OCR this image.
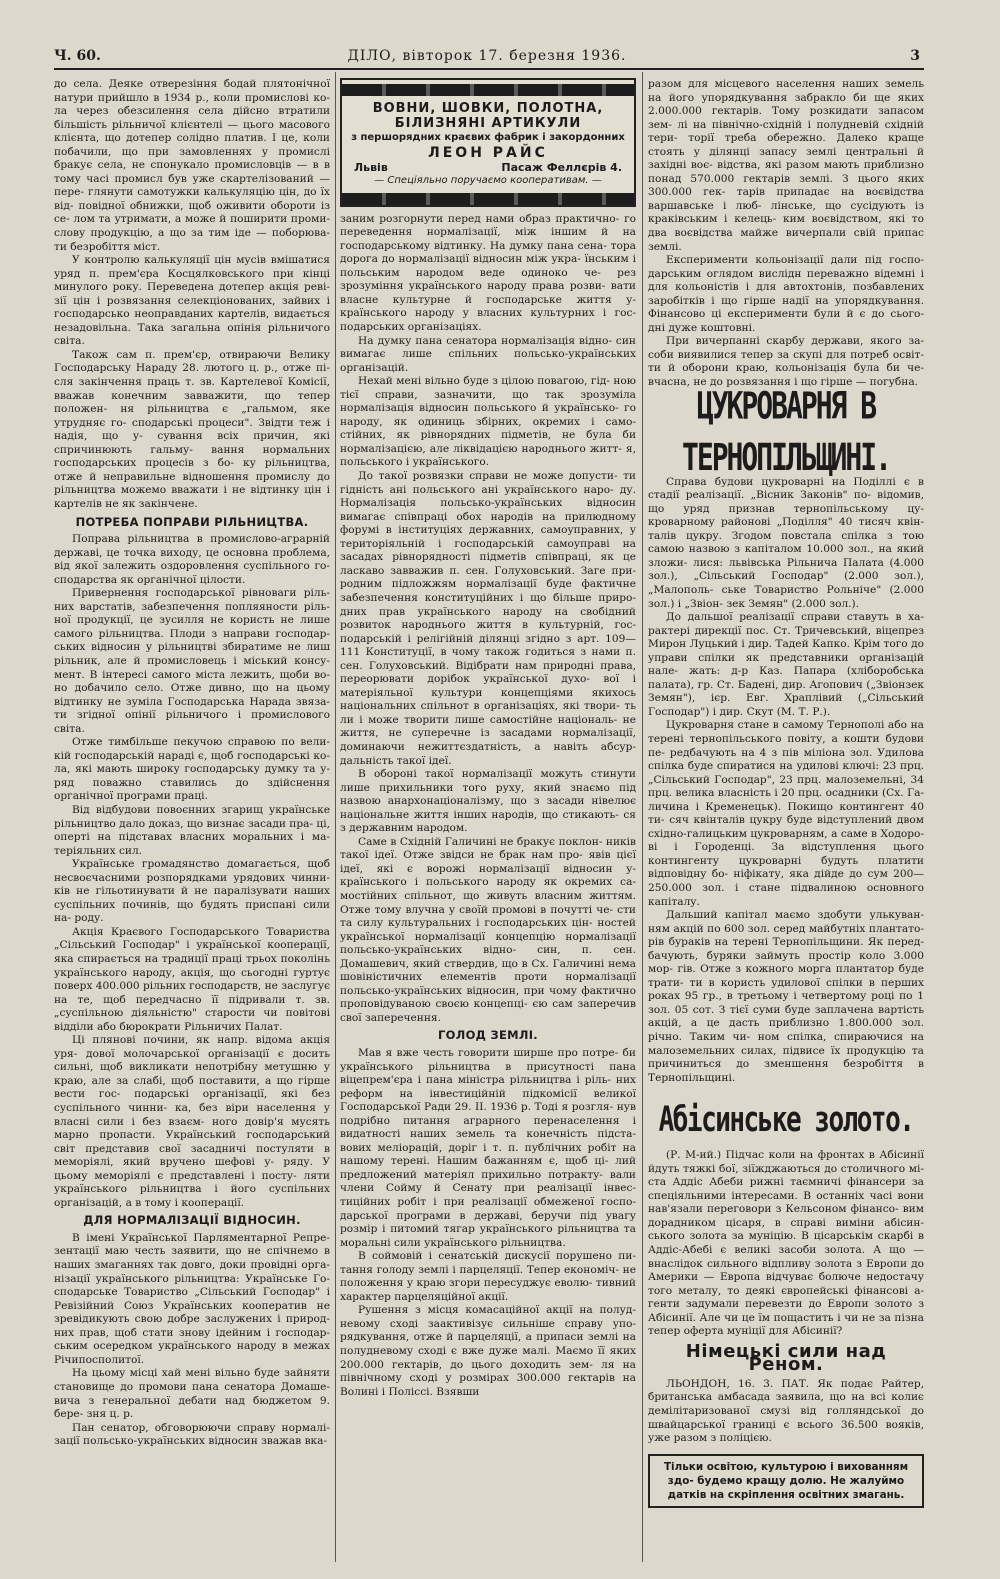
Ч. 60.	ДІЛО, вівторок 17. березня 1936.	3

до села. Деяке отверезіння бодай плятонічної натури прийшло в 1934 р., коли промислові ко- ла через обезсилення села дійсно втратили більшість рільничої клієнтелі — цього масового клієнта, що дотепер солідно платив. І це, коли побачили, що при замовленнях у промислі бракує села, не спонукало промисловців — в в тому часі промисл був уже скартелізований — пере- глянути самотужки калькуляцію цін, до їх від- повідної обнижки, щоб оживити обороти із се- лом та утримати, а може й поширити проми- слову продукцію, а що за тим іде — поборюва- ти безробіття міст.

У контролю калькуляції цін мусів вмішатися уряд п. прем'єра Косцялковського при кінці минулого року. Переведена дотепер акція реві- зії цін і розвязання селекціонованих, зайвих і господарсько неоправданих картелів, видається незадовільна. Така загальна опінія рільничого світа.

Також сам п. прем'єр, отвираючи Велику Господарську Нараду 28. лютого ц. р., отже пі- сля закінчення праць т. зв. Картелевої Комісії, вважав конечним завважити, що тепер положен- ня рільництва є „гальмом, яке утрудняє го- сподарські процеси". Звідти теж і надія, що у- сування всіх причин, які спричинюють гальму- вання нормальних господарських процесів з бо- ку рільництва, отже й неправильне відношення промислу до рільництва можемо вважати і не відтинку цін і картелів не як закінчене.

ПОТРЕБА ПОПРАВИ РІЛЬНИЦТВА.

Поправа рільництва в промислово-аграрній державі, це точка виходу, це основна проблема, від якої залежить оздоровлення суспільного го- сподарства як органічної цілости.

Привернення господарської рівноваги ріль- них варстатів, забезпечення попляяности ріль- ної продукції, це зусилля не користь не лише самого рільництва. Плоди з направи господар- ських відносин у рільництві збиратиме не лиш рільник, але й промисловець і міський консу- мент. В інтересі самого міста лежить, щоби во- но добачило село. Отже дивно, що на цьому відтинку не зуміла Господарська Нарада звяза- ти згідної опінії рільничого і промислового світа.

Отже тимбільше пекучою справою по вели- кій господарській нараді є, щоб господарські ко- ла, які мають широку господарську думку та у- ряд поважно ставились до здійснення органічної програми праці.

Від відбудови повоєнних згарищ українське рільництво дало доказ, що визнає засади пра- ці, оперті на підставах власних моральних і ма- теріяльних сил.

Українське громадянство домагається, щоб несвоєчасними розпорядками урядових чинни- ків не гільотинувати й не паралізувати наших суспільних починів, що будять приспані сили на- роду.

Акція Краєвого Господарського Товариства „Сільський Господар" і української кооперації, яка спирається на традиції праці трьох поколінь українського народу, акція, що сьогодні гуртує поверх 400.000 рільних господарств, не заслугує на те, щоб передчасно її підривали т. зв. „суспільною діяльністю" старости чи повітові відділи або бюрократи Рільничих Палат.

Ці плянові почини, як напр. відома акція уря- дової молочарської організації є досить сильні, щоб викликати непотрібну метушню у краю, але за слабі, щоб поставити, а що гірше вести гос- подарські організації, які без суспільного чинни- ка, без віри населення у власні сили і без взаєм- ного довір'я мусять марно пропасти. Український господарський світ представив свої засадничі постуляти в меморіялі, який вручено шефові у- ряду. У цьому меморіялі є представлені і посту- ляти українського рільництва і його суспільних організацій, а в тому і кооперації.

ДЛЯ НОРМАЛІЗАЦІЇ ВІДНОСИН.

В імені Української Парляментарної Репре- зентації маю честь заявити, що не спічнемо в наших змаганнях так довго, доки провідні орга- нізації українського рільництва: Українське Го- сподарське Товариство „Сільський Господар" і Ревізійний Союз Українських кооператив не зревідикують свою добре заслужених і природ- них прав, щоб стати знову ідейним і господар- ським осередком українського народу в межах Річипосполитої.

На цьому місці хай мені вільно буде зайняти становище до промови пана сенатора Домаше- вича з генеральної дебати над бюджетом 9. бере- зня ц. р.

Пан сенатор, обговорюючи справу нормалі- зації польсько-українських відносин зважав вка-

ВОВНИ, ШОВКИ, ПОЛОТНА,
БІЛИЗНЯНІ АРТИКУЛИ
з першорядних краєвих фабрик і закордонних
ЛЕОН РАЙС
Львів	Пасаж Феллєрів 4.
— Спеціяльно поручаємо кооперативам. —

заним розгорнути перед нами образ практично- го переведення нормалізації, між іншим й на господарському відтинку. На думку пана сена- тора дорога до нормалізації відносин між укра- їнським і польським народом веде одиноко че- рез зрозуміння українського народу права розви- вати власне культурне й господарське життя у- країнського народу у власних культурних і гос- подарських організаціях.

На думку пана сенатора нормалізація відно- син вимагає лише спільних польсько-українських організацій.

Нехай мені вільно буде з цілою повагою, гід- ною тієї справи, зазначити, що так зрозуміла нормалізація відносин польського й українсько- го народу, як одиниць збірних, окремих і само- стійних, як рівнорядних підметів, не була би нормалізацією, але ліквідацією народнього житт- я, польського і українського.

До такої розвязки справи не може допусти- ти гідність ані польського ані українського наро- ду. Нормалізація польсько-українських відносин вимагає співпраці обох народів на прилюдному форумі в інституціях державних, самоуправних, у територіяльній і господарській самоуправі на засадах рівнорядності підметів співпраці, як це ласкаво завважив п. сен. Голуховський. Заге при- родним підложжям нормалізації буде фактичне забезпечення конституційних і що більше приро- дних прав українського народу на свобідний розвиток народнього життя в культурній, гос- подарській і релігійній ділянці згідно з арт. 109— 111 Конституції, в чому також годиться з нами п. сен. Голуховський. Відібрати нам природні права, переорювати дорібок української духо- вої і матеріяльної культури концепціями якихось національних спільнот в організаціях, які твори- ть ли і може творити лише самостійне національ- не життя, не суперечне із засадами нормалізації, доминаючи нежиттєздатність, а навіть абсур- дальність такої ідеї.

В обороні такої нормалізації можуть стинути лише прихильники того руху, який знаємо під назвою анархонаціоналізму, що з засади нівелює національне життя інших народів, що стикають- ся з державним народом.

Саме в Східній Галичині не бракує поклон- ників такої ідеї. Отже звідси не брак нам про- явів цієї ідеї, які є ворожі нормалізації відносин у- країнського і польського народу як окремих са- мостійних спільнот, що живуть власним життям. Отже тому влучна у своїй промові в почутті че- сти та силу культуральних і господарських цін- ностей української нормалізації концепцію нормалізації польсько-українських відно- син, п. сен. Домашевич, який ствердив, що в Сх. Галичині нема шовіністичних елементів проти нормалізації польсько-українських відносин, при чому фактично проповідуваною своєю концепці- єю сам заперечив свої заперечення.

ГОЛОД ЗЕМЛІ.

Мав я вже честь говорити ширше про потре- би українського рільництва в присутності пана віцепрем'єра і пана міністра рільництва і ріль- них реформ на інвестиційній підкомісії великої Господарської Ради 29. II. 1936 р. Тоді я розгля- нув подрібно питання аграрного перенаселення і видатності наших земель та конечність підста- вових меліорацій, доріг і т. п. публічних робіт на нашому терені. Нашим бажанням є, щоб ці- лий предложений матеріял прихильно потракту- вали члени Сойму й Сенату при реалізації інвес- тиційних робіт і при реалізації обмеженої госпо- дарської програми в державі, беручи під увагу розмір і питомий тягар українського рільництва та моральні сили українського рільництва.

В соймовій і сенатській дискусії порушено пи- тання голоду землі і парцеляції. Тепер економіч- не положення у краю згори пересуджує еволю- тивний характер парцеляційної акції.

Рушення з місця комасаційної акції на полуд- невому сході заактивізує сильніше справу упо- рядкування, отже й парцеляції, а припаси землі на полудневому сході є вже дуже малі. Маємо її яких 200.000 гектарів, до цього доходить зем- ля на північному сході у розмірах 300.000 гектарів на Волині і Поліссі. Взявши

разом для місцевого населення наших земель на його упорядкування забракло би ще яких 2.000.000 гектарів. Тому розкидати запасом зем- лі на північно-східній і полудневій східній тери- торії треба обережно. Далеко краще стоять у ділянці запасу землі центральні й західні воє- відства, які разом мають приблизно понад 570.000 гектарів землі. З цього яких 300.000 гек- тарів припадає на воєвідства варшавське і люб- лінське, що сусідують із краківським і келець- ким воєвідством, які то два воєвідства майже вичерпали свій припас землі.

Експерименти кольонізації дали під госпо- дарським оглядом вислідн переважно відемні і для кольоністів і для автохтонів, позбавлених заробітків і що гірше надії на упорядкування. Фінансово ці експерименти були й є до сього- дні дуже коштовні.

При вичерпанні скарбу держави, якого за- соби виявилися тепер за скупі для потреб освіт- ти й оборони краю, кольонізація була би че- вчасна, не до розвязання і що гірше — погубна.

ЦУКРОВАРНЯ В ТЕРНОПІЛЬЩИНІ.

Справа будови цукроварні на Поділлі є в стадії реалізації. „Вісник Законів" по- відомив, що уряд признав тернопільському цу- кроварному районові „Поділля" 40 тисяч квін- талів цукру. Згодом повстала спілка з тою самою назвою з капіталом 10.000 зол., на який зложи- лися: львівська Рільнича Палата (4.000 зол.), „Сільський Господар" (2.000 зол.), „Малополь- ське Товариство Рольніче" (2.000 зол.) і „Звіон- зек Земян" (2.000 зол.).

До дальшої реалізації справи ставуть в ха- рактері дирекції пос. Ст. Тричевський, віцепрез Мирон Луцький і дир. Тадей Капко. Крім того до управи спілки як представники організацій нале- жать: д-р Каз. Папара (хліборобська палата), гр. Ст. Бадені, дир. Агопович („Звіонзек Земян"), ієр. Евг. Храплівий („Сільський Господар") і дир. Скут (М. Т. Р.).

Цукроварня стане в самому Тернополі або на терені тернопільського повіту, а кошти будови пе- редбачують на 4 з пів міліона зол. Удилова спілка буде спиратися на удилові ключі: 23 прц. „Сільський Господар", 23 прц. малоземельні, 34 прц. велика власність і 20 прц. осадники (Сх. Га- личина і Кременецьк). Покищо контингент 40 ти- сяч квінталів цукру буде відступлений двом східно-галицьким цукроварням, а саме в Ходоро- ві і Городенці. За відступлення цього контингенту цукроварні будуть платити відповідну бо- ніфікату, яка дійде до сум 200—250.000 зол. і стане підвалиною основного капіталу.

Дальший капітал маємо здобути улькуван- ням акцій по 600 зол. серед майбутніх плантато- рів бураків на терені Тернопільщини. Як перед- бачують, буряки займуть простір коло 3.000 мор- гів. Отже з кожного морга плантатор буде трати- ти в користь удилової спілки в перших роках 95 гр., в третьому і четвертому році по 1 зол. 05 сот. З тієї суми буде заплачена вартість акцій, а це дасть приблизно 1.800.000 зол. річно. Таким чи- ном спілка, спираючися на малоземельних силах, підвисе їх продукцію та причиниться до зменшення безробіття в Тернопільщині.

Абісинське золото.

(Р. М-ий.) Підчас коли на фронтах в Абісинії йдуть тяжкі бої, зіїжджаються до столичного мі- ста Аддіс Абеби рижні таємничі фінансери за спеціяльними інтересами. В останніх часі вони нав'язали переговори з Кельсоном фінансо- вим дорадником цісаря, в справі виміни абісин- ського золота за муніцію. В цісарськім скарбі в Аддіс-Абебі є великі засоби золота. А що — внаслідок сильного відпливу золота з Европи до Америки — Европа відчуває болюче недостачу того металу, то деякі європейські фінансові а- генти задумали перевезти до Европи золото з Абісинії. Але чи це їм пощастить і чи не за пізна тепер оферта муніції для Абісинії?

Німецькі сили над Реном.

ЛЬОНДОН, 16. 3. ПАТ. Як подає Райтер, британська амбасада заявила, що на всі колиє демілітаризованої смузі від голляндської до швайцарської границі є всього 36.500 вояків, уже разом з поліцією.

Тільки освітою, культурою і вихованням здо- будемо кращу долю. Не жалуймо датків на скріплення освітних змагань.
